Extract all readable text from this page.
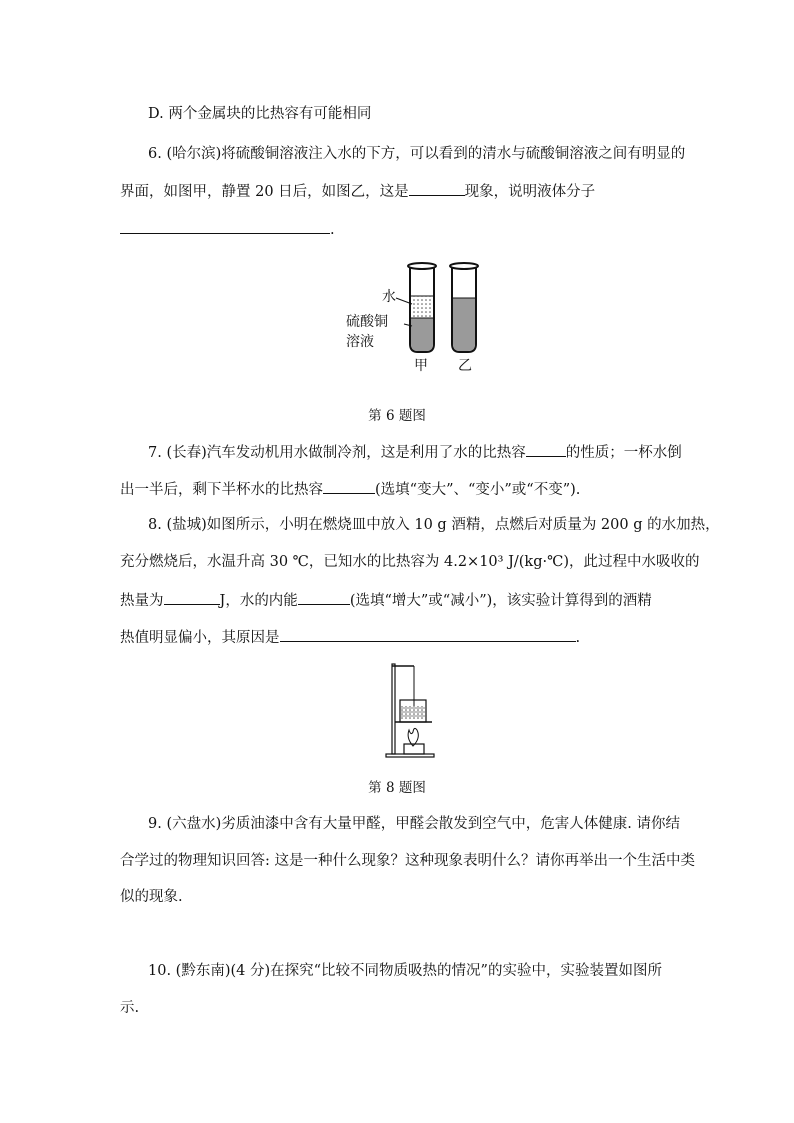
D. 两个金属块的比热容有可能相同
6. (哈尔滨)将硫酸铜溶液注入水的下方，可以看到的清水与硫酸铜溶液之间有明显的
界面，如图甲，静置 20 日后，如图乙，这是	现象，说明液体分子
.
水
硫酸铜
溶液
甲 乙
第 6 题图
7. (长春)汽车发动机用水做制冷剂，这是利用了水的比热容	的性质；一杯水倒
出一半后，剩下半杯水的比热容	(选填“变大”、“变小”或“不变”).
8. (盐城)如图所示，小明在燃烧皿中放入 10 g 酒精，点燃后对质量为 200 g 的水加热，
充分燃烧后，水温升高 30 ℃，已知水的比热容为 4.2×10³ J/(kg·℃)，此过程中水吸收的
热量为	J，水的内能	(选填“增大”或“减小”)，该实验计算得到的酒精
热值明显偏小，其原因是	.
第 8 题图
9. (六盘水)劣质油漆中含有大量甲醛，甲醛会散发到空气中，危害人体健康. 请你结
合学过的物理知识回答: 这是一种什么现象？这种现象表明什么？请你再举出一个生活中类
似的现象.
10. (黔东南)(4 分)在探究“比较不同物质吸热的情况”的实验中，实验装置如图所
示.
